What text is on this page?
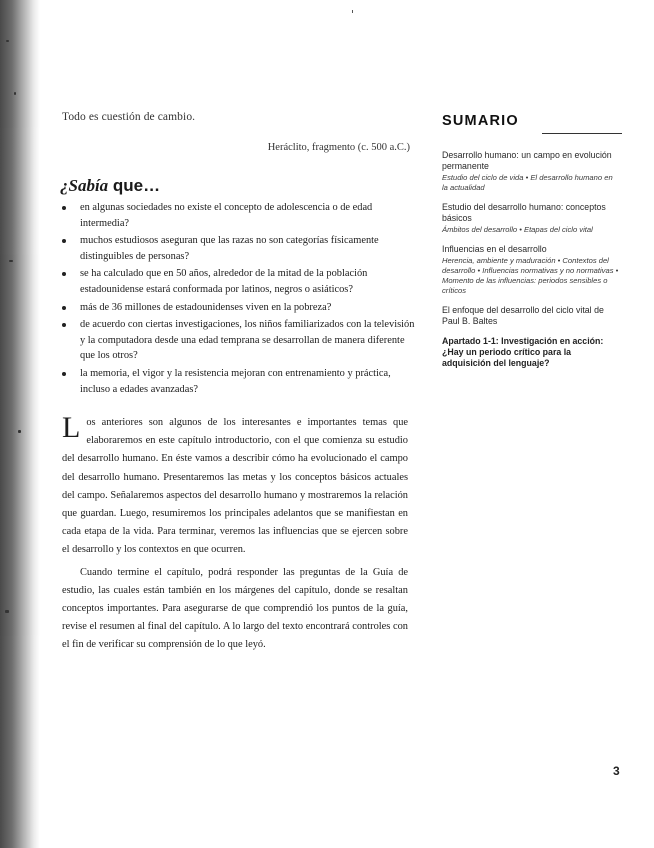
Todo es cuestión de cambio.
Heráclito, fragmento (c. 500 a.C.)
¿Sabía que…
en algunas sociedades no existe el concepto de adolescencia o de edad intermedia?
muchos estudiosos aseguran que las razas no son categorías físicamente distinguibles de personas?
se ha calculado que en 50 años, alrededor de la mitad de la población estadounidense estará conformada por latinos, negros o asiáticos?
más de 36 millones de estadounidenses viven en la pobreza?
de acuerdo con ciertas investigaciones, los niños familiarizados con la televisión y la computadora desde una edad temprana se desarrollan de manera diferente que los otros?
la memoria, el vigor y la resistencia mejoran con entrenamiento y práctica, incluso a edades avanzadas?

Los anteriores son algunos de los interesantes e importantes temas que elaboraremos en este capítulo introductorio, con el que comienza su estudio del desarrollo humano. En éste vamos a describir cómo ha evolucionado el campo del desarrollo humano. Presentaremos las metas y los conceptos básicos actuales del campo. Señalaremos aspectos del desarrollo humano y mostraremos la relación que guardan. Luego, resumiremos los principales adelantos que se manifiestan en cada etapa de la vida. Para terminar, veremos las influencias que se ejercen sobre el desarrollo y los contextos en que ocurren.

Cuando termine el capítulo, podrá responder las preguntas de la Guía de estudio, las cuales están también en los márgenes del capítulo, donde se resaltan conceptos importantes. Para asegurarse de que comprendió los puntos de la guía, revise el resumen al final del capítulo. A lo largo del texto encontrará controles con el fin de verificar su comprensión de lo que leyó.

SUMARIO
Desarrollo humano: un campo en evolución permanente
Estudio del ciclo de vida • El desarrollo humano en la actualidad
Estudio del desarrollo humano: conceptos básicos
Ámbitos del desarrollo • Etapas del ciclo vital
Influencias en el desarrollo
Herencia, ambiente y maduración • Contextos del desarrollo • Influencias normativas y no normativas • Momento de las influencias: periodos sensibles o críticos
El enfoque del desarrollo del ciclo vital de Paul B. Baltes
Apartado 1-1: Investigación en acción: ¿Hay un periodo crítico para la adquisición del lenguaje?
3
